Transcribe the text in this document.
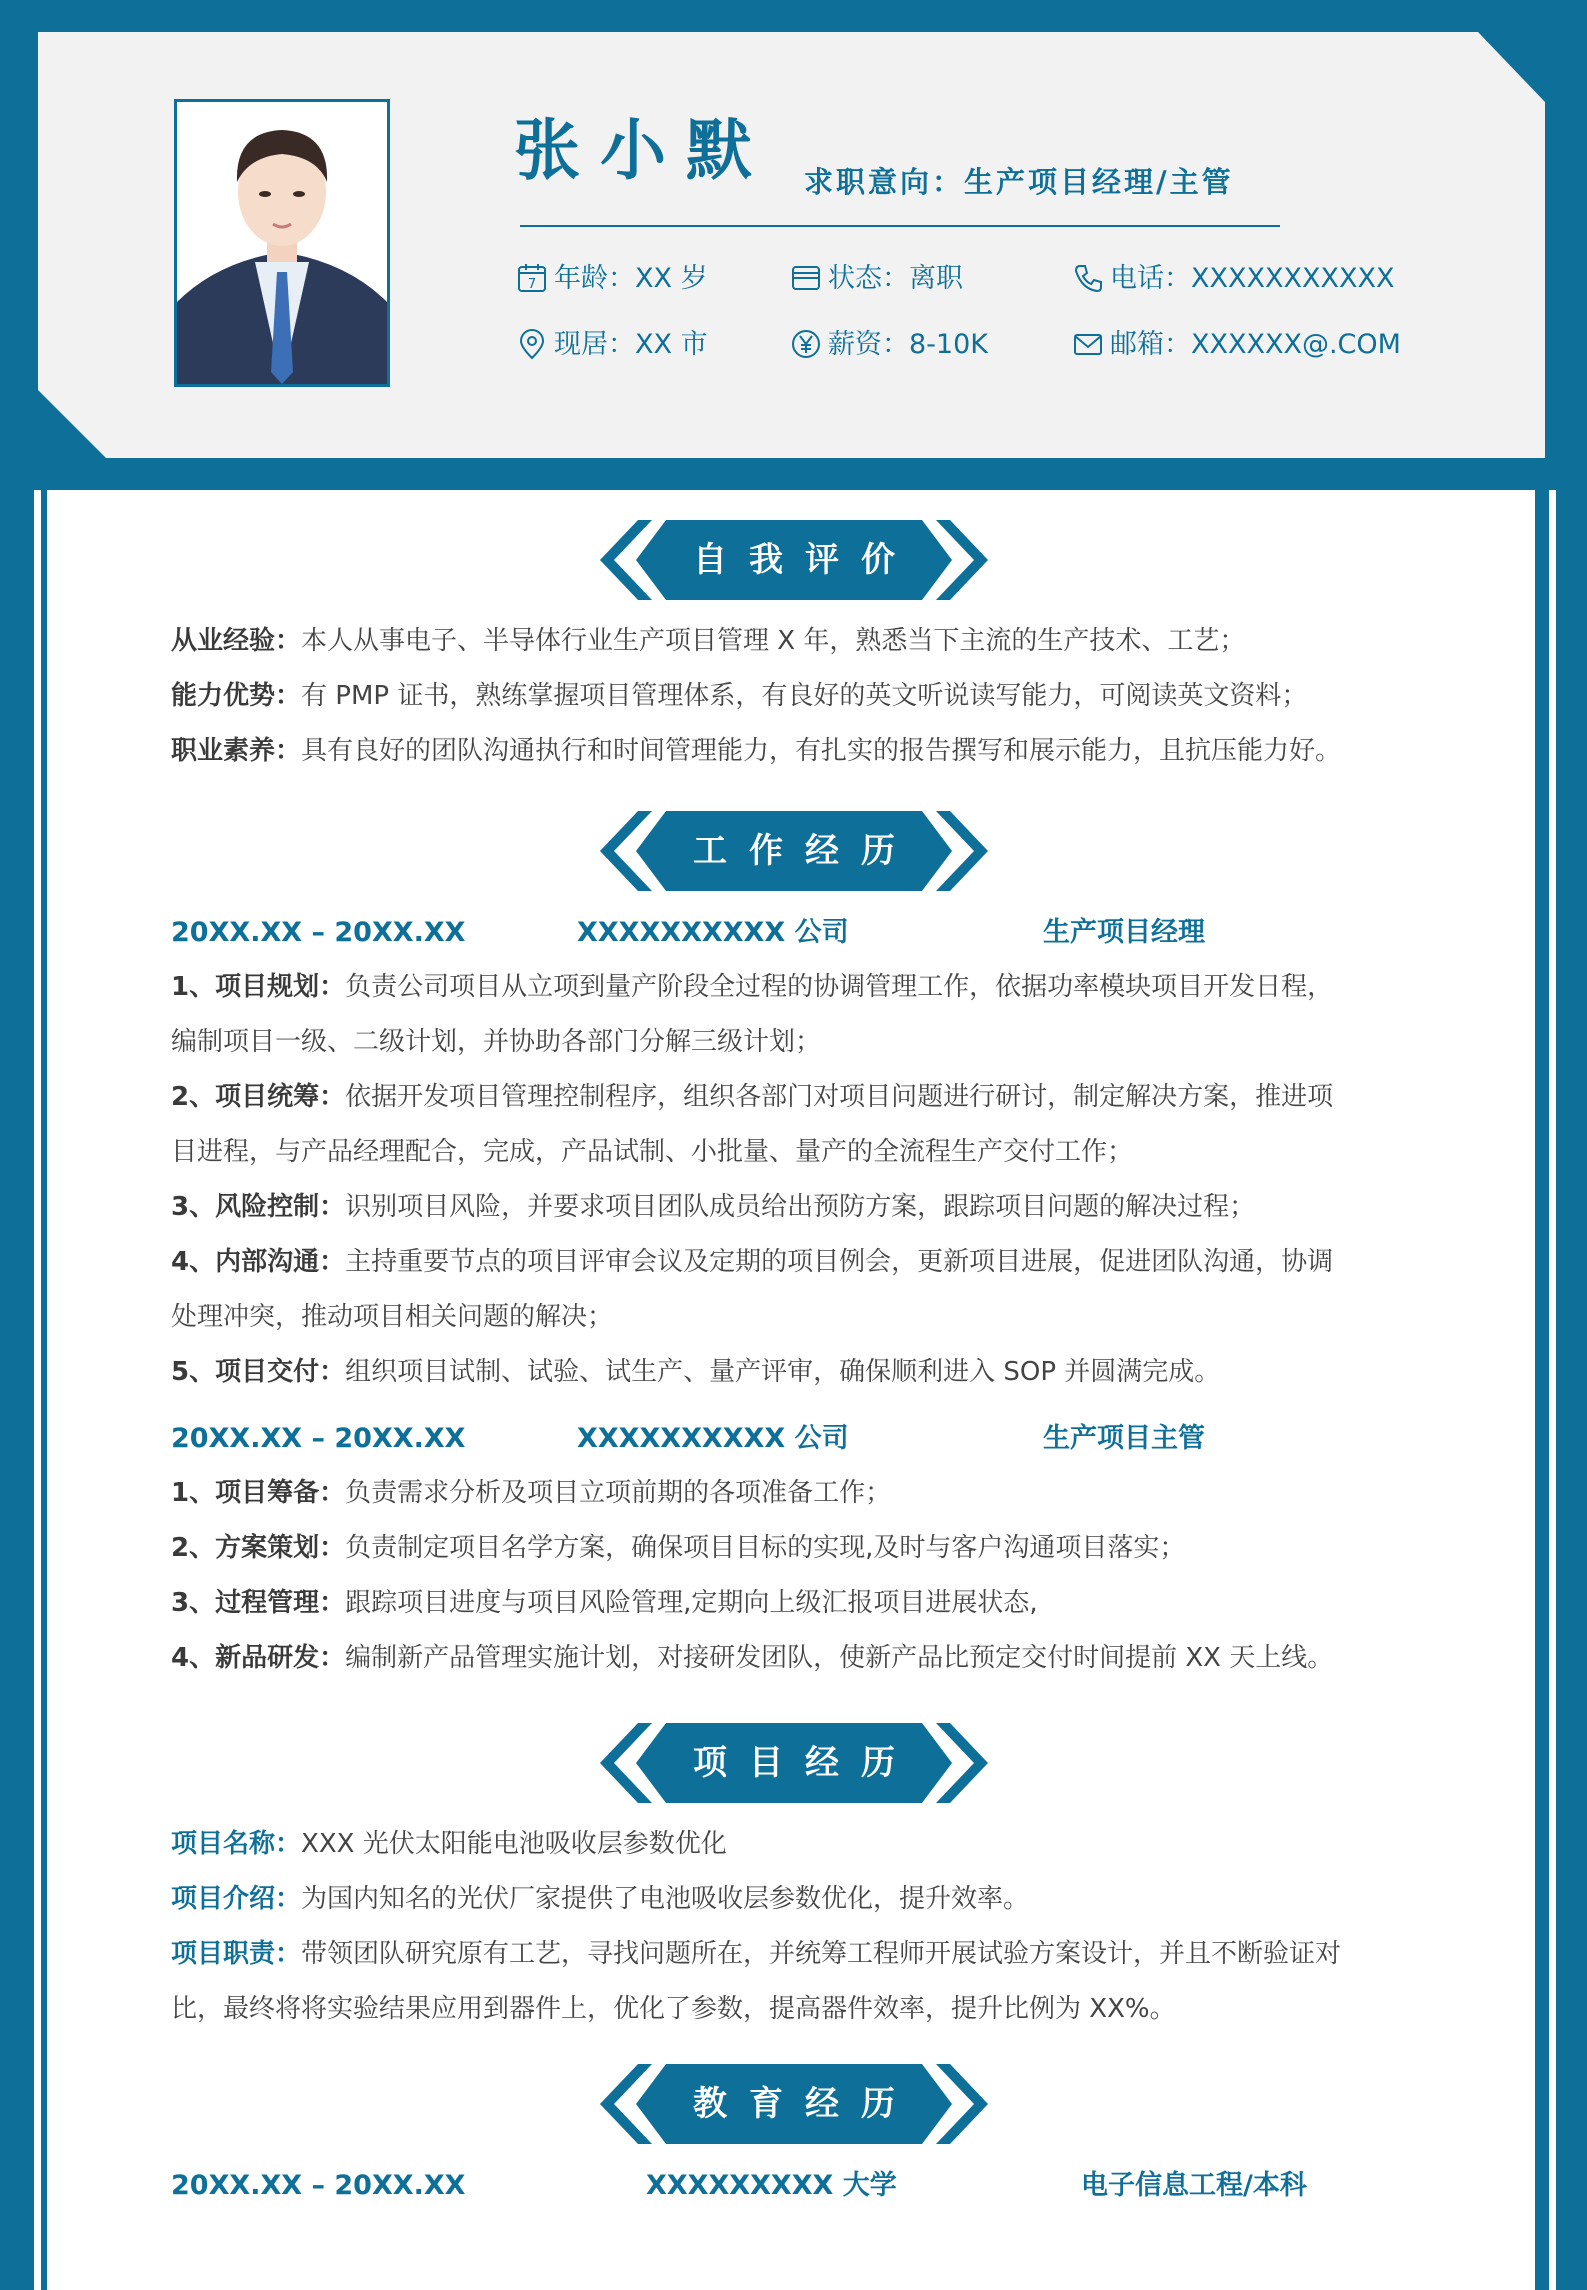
张小默 求职意向：生产项目经理/主管
7 年龄：XX 岁	状态：离职	电话：XXXXXXXXXXX
现居：XX 市	薪资：8-10K	邮箱：XXXXXX@.COM
自我评价
从业经验：本人从事电子、半导体行业生产项目管理 X 年，熟悉当下主流的生产技术、工艺；
能力优势：有 PMP 证书，熟练掌握项目管理体系，有良好的英文听说读写能力，可阅读英文资料；
职业素养：具有良好的团队沟通执行和时间管理能力，有扎实的报告撰写和展示能力，且抗压能力好。
工作经历
20XX.XX – 20XX.XX	XXXXXXXXXX 公司	生产项目经理
1、项目规划：负责公司项目从立项到量产阶段全过程的协调管理工作，依据功率模块项目开发日程，
编制项目一级、二级计划，并协助各部门分解三级计划；
2、项目统筹：依据开发项目管理控制程序，组织各部门对项目问题进行研讨，制定解决方案，推进项
目进程，与产品经理配合，完成，产品试制、小批量、量产的全流程生产交付工作；
3、风险控制：识别项目风险，并要求项目团队成员给出预防方案，跟踪项目问题的解决过程；
4、内部沟通：主持重要节点的项目评审会议及定期的项目例会，更新项目进展，促进团队沟通，协调
处理冲突，推动项目相关问题的解决；
5、项目交付：组织项目试制、试验、试生产、量产评审，确保顺利进入 SOP 并圆满完成。
20XX.XX – 20XX.XX	XXXXXXXXXX 公司	生产项目主管
1、项目筹备：负责需求分析及项目立项前期的各项准备工作；
2、方案策划：负责制定项目名学方案，确保项目目标的实现,及时与客户沟通项目落实；
3、过程管理：跟踪项目进度与项目风险管理,定期向上级汇报项目进展状态,
4、新品研发：编制新产品管理实施计划，对接研发团队，使新产品比预定交付时间提前 XX 天上线。
项目经历
项目名称：XXX 光伏太阳能电池吸收层参数优化
项目介绍：为国内知名的光伏厂家提供了电池吸收层参数优化，提升效率。
项目职责：带领团队研究原有工艺，寻找问题所在，并统筹工程师开展试验方案设计，并且不断验证对
比，最终将将实验结果应用到器件上，优化了参数，提高器件效率，提升比例为 XX%。
教育经历
20XX.XX – 20XX.XX	XXXXXXXXX 大学	电子信息工程/本科
